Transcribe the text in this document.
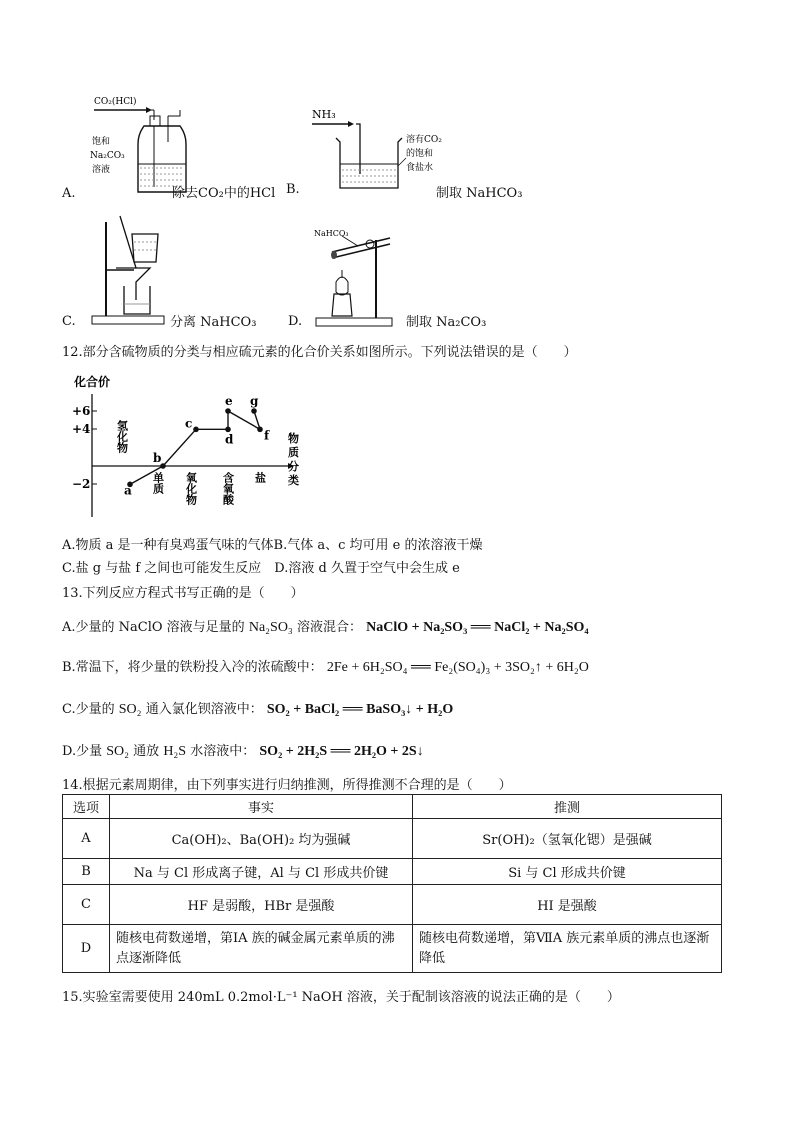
CO₂(HCl)
饱和
Na₂CO₃
溶液
A.	除去CO₂中的HCl B.
NH₃
溶有CO₂
的饱和
食盐水
制取 NaHCO₃
C.	分离 NaHCO₃ D.
NaHCO₃
制取 Na₂CO₃
12.部分含硫物质的分类与相应硫元素的化合价关系如图所示。下列说法错误的是（　　）
化合价
+6
+4
−2
物
质
分
类
氢化物
单质 氧化物 含氧酸 盐
a
b
c
d
e
f
g
A.物质 a 是一种有臭鸡蛋气味的气体B.气体 a、c 均可用 e 的浓溶液干燥
C.盐 g 与盐 f 之间也可能发生反应　D.溶液 d 久置于空气中会生成 e
13.下列反应方程式书写正确的是（　　）
A.少量的 NaClO 溶液与足量的 Na₂SO₃ 溶液混合： NaClO + Na₂SO₃ ══ NaCl₂ + Na₂SO₄
B.常温下，将少量的铁粉投入冷的浓硫酸中： 2Fe + 6H₂SO₄ ══ Fe₂(SO₄)₃ + 3SO₂↑ + 6H₂O
C.少量的 SO₂ 通入氯化钡溶液中： SO₂ + BaCl₂ ══ BaSO₃↓ + H₂O
D.少量 SO₂ 通放 H₂S 水溶液中： SO₂ + 2H₂S ══ 2H₂O + 2S↓
14.根据元素周期律，由下列事实进行归纳推测，所得推测不合理的是（　　）
选项	事实	推测
A	Ca(OH)₂、Ba(OH)₂ 均为强碱	Sr(OH)₂（氢氧化锶）是强碱
B	Na 与 Cl 形成离子键，Al 与 Cl 形成共价键	Si 与 Cl 形成共价键
C	HF 是弱酸，HBr 是强酸	HI 是强酸
D	随核电荷数递增，第ⅠA 族的碱金属元素单质的沸点逐渐降低	随核电荷数递增，第ⅦA 族元素单质的沸点也逐渐降低
15.实验室需要使用 240mL 0.2mol·L⁻¹ NaOH 溶液，关于配制该溶液的说法正确的是（　　）
